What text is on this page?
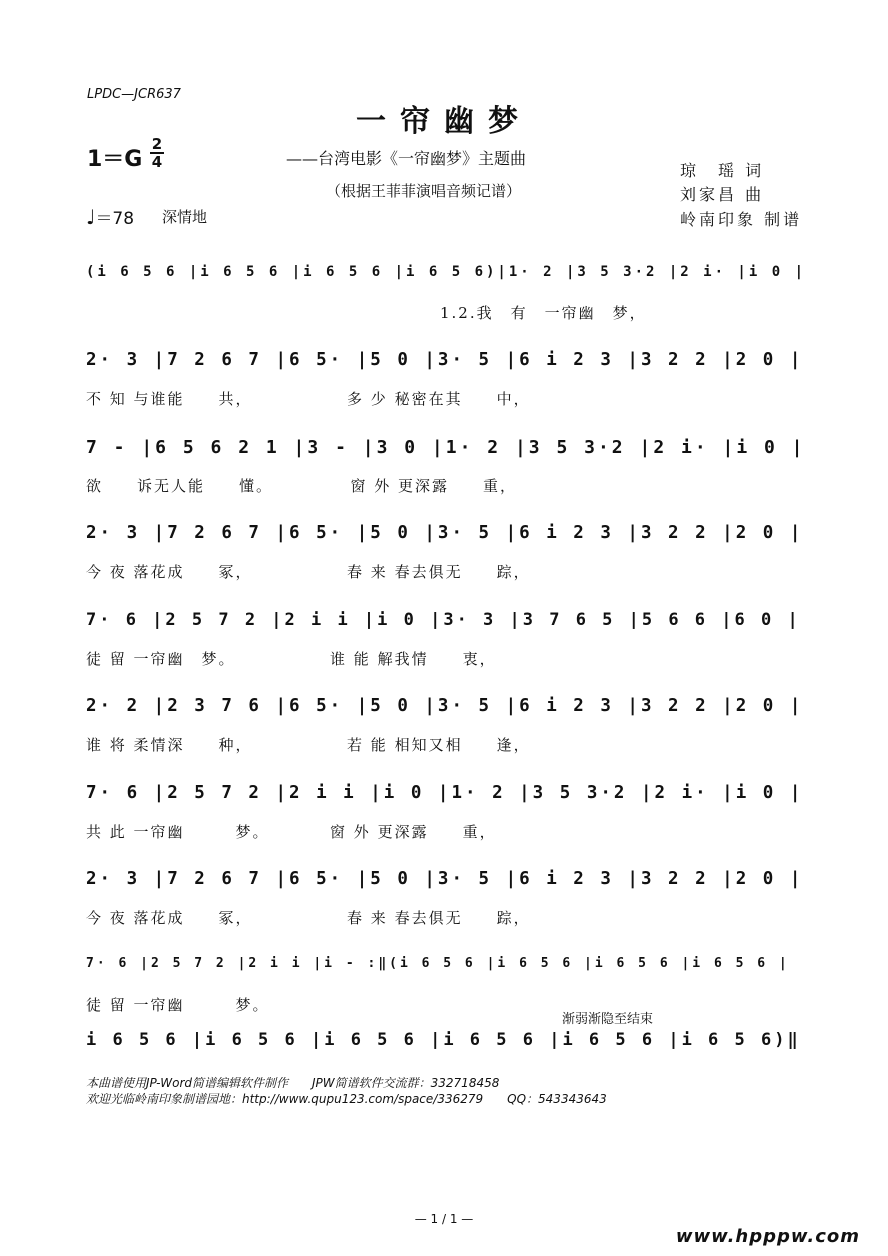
LPDC—JCR637
一帘幽梦
——台湾电影《一帘幽梦》主题曲
（根据王菲菲演唱音频记谱）
1＝G
2
4	琼　瑶 词
刘家昌 曲
岭南印象 制谱
♩＝78 深情地
(i 6 5 6 |i 6 5 6 |i 6 5 6 |i 6 5 6)|1· 2 |3 5 3·2 |2 i· |i 0 |
1.2.我　有　一帘幽　梦，
2· 3 |7 2 6 7 |6 5· |5 0 |3· 5 |6 i 2 3 |3 2 2 |2 0 |
不 知 与谁能　　共，　　　　　　多 少 秘密在其　　中，
7 - |6 5 6 2 1 |3 - |3 0 |1· 2 |3 5 3·2 |2 i· |i 0 |
欲　　诉无人能　　懂。　　　　　窗 外 更深露　　重，
2· 3 |7 2 6 7 |6 5· |5 0 |3· 5 |6 i 2 3 |3 2 2 |2 0 |
今 夜 落花成　　冢，　　　　　　春 来 春去俱无　　踪，
7· 6 |2 5 7 2 |2 i i |i 0 |3· 3 |3 7 6 5 |5 6 6 |6 0 |
徒 留 一帘幽　梦。　　　　　　谁 能 解我情　　衷，
2· 2 |2 3 7 6 |6 5· |5 0 |3· 5 |6 i 2 3 |3 2 2 |2 0 |
谁 将 柔情深　　种，　　　　　　若 能 相知又相　　逢，
7· 6 |2 5 7 2 |2 i i |i 0 |1· 2 |3 5 3·2 |2 i· |i 0 |
共 此 一帘幽　　　梦。　　　　窗 外 更深露　　重，
2· 3 |7 2 6 7 |6 5· |5 0 |3· 5 |6 i 2 3 |3 2 2 |2 0 |
今 夜 落花成　　冢，　　　　　　春 来 春去俱无　　踪，
7· 6 |2 5 7 2 |2 i i |i - :‖(i 6 5 6 |i 6 5 6 |i 6 5 6 |i 6 5 6 |
徒 留 一帘幽　　　梦。
渐弱渐隐至结束
i 6 5 6 |i 6 5 6 |i 6 5 6 |i 6 5 6 |i 6 5 6 |i 6 5 6)‖
本曲谱使用JP-Word简谱编辑软件制作　　JPW简谱软件交流群：332718458
欢迎光临岭南印象制谱园地：http://www.qupu123.com/space/336279　　QQ：543343643
— 1 / 1 —
www.hpppw.com
